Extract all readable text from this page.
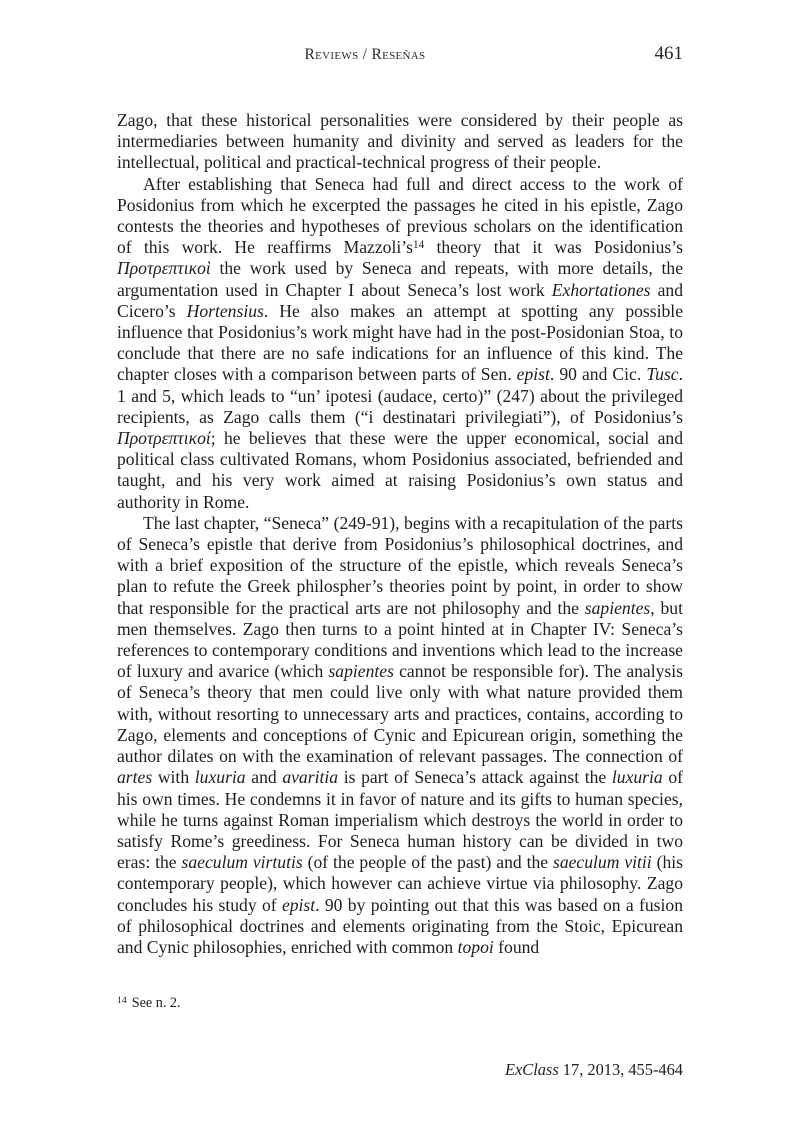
Reviews / Reseñas	461

Zago, that these historical personalities were considered by their people as intermediaries between humanity and divinity and served as leaders for the intellectual, political and practical-technical progress of their people.

After establishing that Seneca had full and direct access to the work of Posidonius from which he excerpted the passages he cited in his epistle, Zago contests the theories and hypotheses of previous scholars on the identification of this work. He reaffirms Mazzoli’s$^{14}$ theory that it was Posidonius’s Προτρεπτικοὶ the work used by Seneca and repeats, with more details, the argumentation used in Chapter I about Seneca’s lost work Exhortationes and Cicero’s Hortensius. He also makes an attempt at spotting any possible influence that Posidonius’s work might have had in the post-Posidonian Stoa, to conclude that there are no safe indications for an influence of this kind. The chapter closes with a comparison between parts of Sen. epist. 90 and Cic. Tusc. 1 and 5, which leads to “un’ ipotesi (audace, certo)” (247) about the privileged recipients, as Zago calls them (“i destinatari privilegiati”), of Posidonius’s Προτρεπτικοί; he believes that these were the upper economical, social and political class cultivated Romans, whom Posidonius associated, befriended and taught, and his very work aimed at raising Posidonius’s own status and authority in Rome.

The last chapter, “Seneca” (249-91), begins with a recapitulation of the parts of Seneca’s epistle that derive from Posidonius’s philosophical doctrines, and with a brief exposition of the structure of the epistle, which reveals Seneca’s plan to refute the Greek philospher’s theories point by point, in order to show that responsible for the practical arts are not philosophy and the sapientes, but men themselves. Zago then turns to a point hinted at in Chapter IV: Seneca’s references to contemporary conditions and inventions which lead to the increase of luxury and avarice (which sapientes cannot be responsible for). The analysis of Seneca’s theory that men could live only with what nature provided them with, without resorting to unnecessary arts and practices, contains, according to Zago, elements and conceptions of Cynic and Epicurean origin, something the author dilates on with the examination of relevant passages. The connection of artes with luxuria and avaritia is part of Seneca’s attack against the luxuria of his own times. He condemns it in favor of nature and its gifts to human species, while he turns against Roman imperialism which destroys the world in order to satisfy Rome’s greediness. For Seneca human history can be divided in two eras: the saeculum virtutis (of the people of the past) and the saeculum vitii (his contemporary people), which however can achieve virtue via philosophy. Zago concludes his study of epist. 90 by pointing out that this was based on a fusion of philosophical doctrines and elements originating from the Stoic, Epicurean and Cynic philosophies, enriched with common topoi found

$^{14}$ See n. 2.

ExClass 17, 2013, 455-464
